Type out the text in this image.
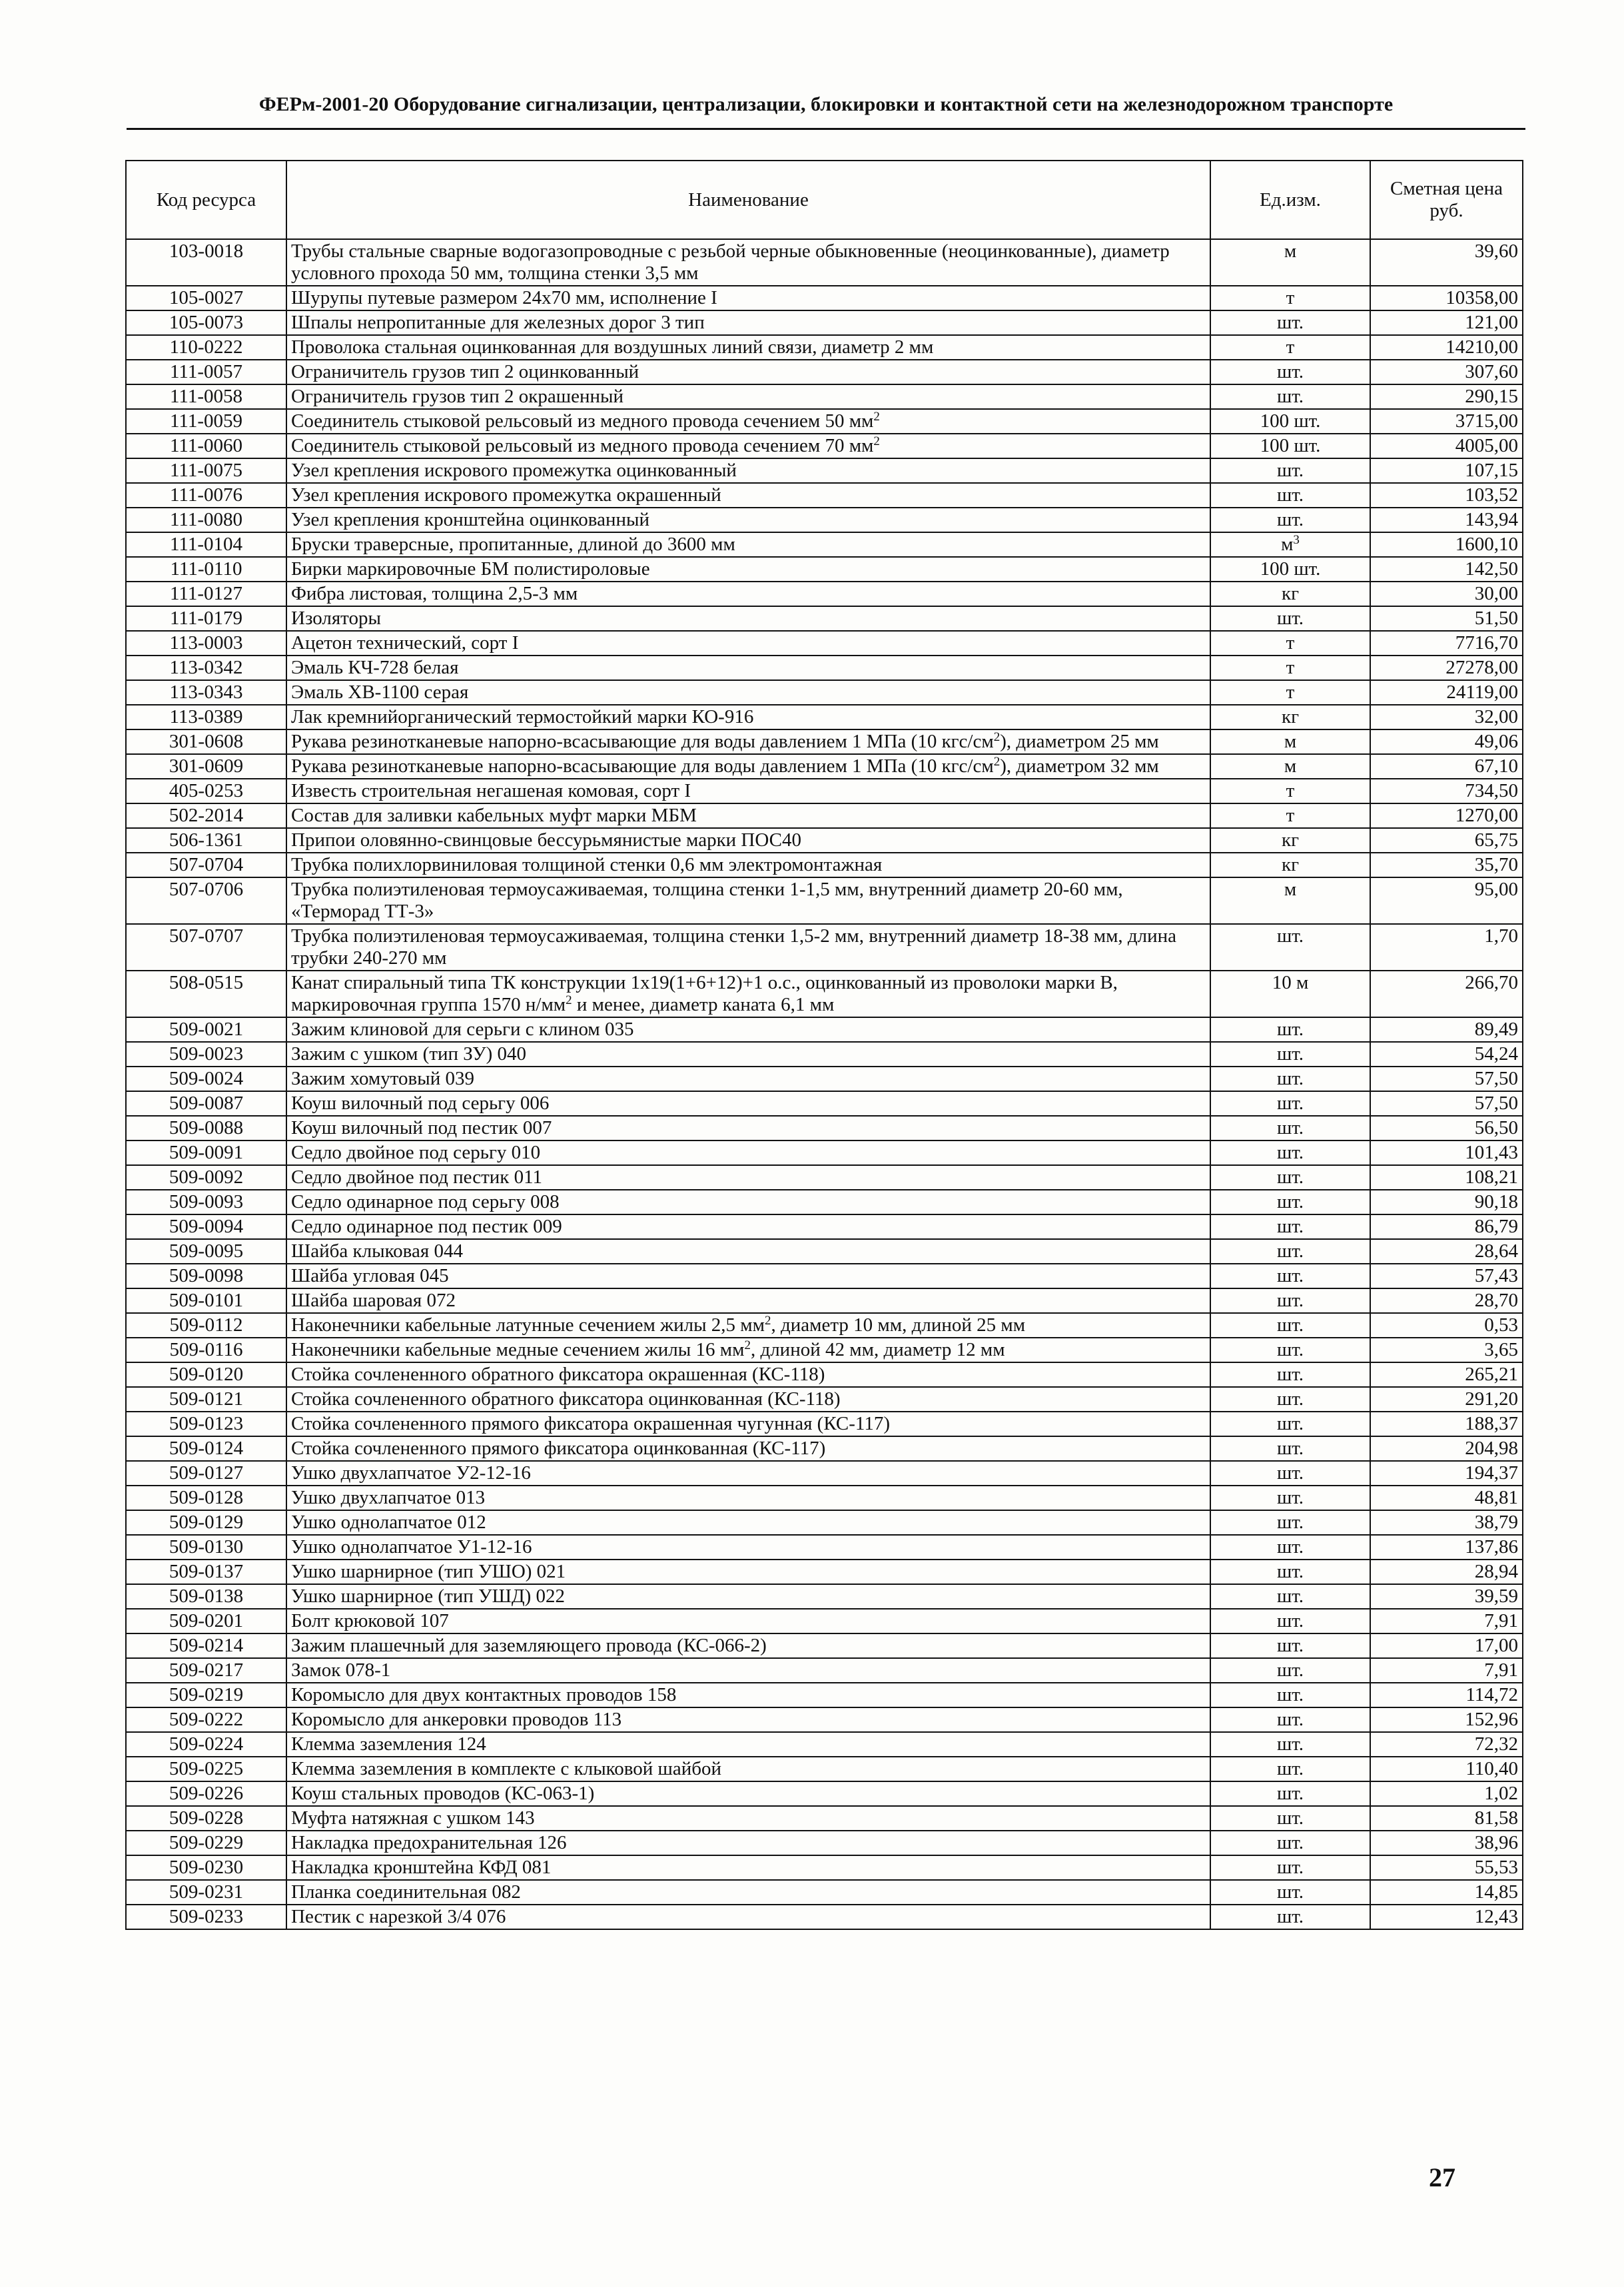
ФЕРм-2001-20 Оборудование сигнализации, централизации, блокировки и контактной сети на железнодорожном транспорте
Код ресурса	Наименование	Ед.изм.	Сметная цена руб.
103-0018	Трубы стальные сварные водогазопроводные с резьбой черные обыкновенные (неоцинкованные), диаметр условного прохода 50 мм, толщина стенки 3,5 мм	м	39,60
105-0027	Шурупы путевые размером 24х70 мм, исполнение I	т	10358,00
105-0073	Шпалы непропитанные для железных дорог 3 тип	шт.	121,00
110-0222	Проволока стальная оцинкованная для воздушных линий связи, диаметр 2 мм	т	14210,00
111-0057	Ограничитель грузов тип 2 оцинкованный	шт.	307,60
111-0058	Ограничитель грузов тип 2 окрашенный	шт.	290,15
111-0059	Соединитель стыковой рельсовый из медного провода сечением 50 $мм^2$	100 шт.	3715,00
111-0060	Соединитель стыковой рельсовый из медного провода сечением 70 $мм^2$	100 шт.	4005,00
111-0075	Узел крепления искрового промежутка оцинкованный	шт.	107,15
111-0076	Узел крепления искрового промежутка окрашенный	шт.	103,52
111-0080	Узел крепления кронштейна оцинкованный	шт.	143,94
111-0104	Бруски траверсные, пропитанные, длиной до 3600 мм	$м^3$	1600,10
111-0110	Бирки маркировочные БМ полистироловые	100 шт.	142,50
111-0127	Фибра листовая, толщина 2,5-3 мм	кг	30,00
111-0179	Изоляторы	шт.	51,50
113-0003	Ацетон технический, сорт I	т	7716,70
113-0342	Эмаль КЧ-728 белая	т	27278,00
113-0343	Эмаль ХВ-1100 серая	т	24119,00
113-0389	Лак кремнийорганический термостойкий марки КО-916	кг	32,00
301-0608	Рукава резинотканевые напорно-всасывающие для воды давлением 1 МПа (10 кгс/$см^2$), диаметром 25 мм	м	49,06
301-0609	Рукава резинотканевые напорно-всасывающие для воды давлением 1 МПа (10 кгс/$см^2$), диаметром 32 мм	м	67,10
405-0253	Известь строительная негашеная комовая, сорт I	т	734,50
502-2014	Состав для заливки кабельных муфт марки МБМ	т	1270,00
506-1361	Припои оловянно-свинцовые бессурьмянистые марки ПОС40	кг	65,75
507-0704	Трубка полихлорвиниловая толщиной стенки 0,6 мм электромонтажная	кг	35,70
507-0706	Трубка полиэтиленовая термоусаживаемая, толщина стенки 1-1,5 мм, внутренний диаметр 20-60 мм, «Терморад ТТ-3»	м	95,00
507-0707	Трубка полиэтиленовая термоусаживаемая, толщина стенки 1,5-2 мм, внутренний диаметр 18-38 мм, длина трубки 240-270 мм	шт.	1,70
508-0515	Канат спиральный типа ТК конструкции 1х19(1+6+12)+1 о.с., оцинкованный из проволоки марки В, маркировочная группа 1570 $н/мм^2$ и менее, диаметр каната 6,1 мм	10 м	266,70
509-0021	Зажим клиновой для серьги с клином 035	шт.	89,49
509-0023	Зажим с ушком (тип ЗУ) 040	шт.	54,24
509-0024	Зажим хомутовый 039	шт.	57,50
509-0087	Коуш вилочный под серьгу 006	шт.	57,50
509-0088	Коуш вилочный под пестик 007	шт.	56,50
509-0091	Седло двойное под серьгу 010	шт.	101,43
509-0092	Седло двойное под пестик 011	шт.	108,21
509-0093	Седло одинарное под серьгу 008	шт.	90,18
509-0094	Седло одинарное под пестик 009	шт.	86,79
509-0095	Шайба клыковая 044	шт.	28,64
509-0098	Шайба угловая 045	шт.	57,43
509-0101	Шайба шаровая 072	шт.	28,70
509-0112	Наконечники кабельные латунные сечением жилы 2,5 $мм^2$, диаметр 10 мм, длиной 25 мм	шт.	0,53
509-0116	Наконечники кабельные медные сечением жилы 16 $мм^2$, длиной 42 мм, диаметр 12 мм	шт.	3,65
509-0120	Стойка сочлененного обратного фиксатора окрашенная (КС-118)	шт.	265,21
509-0121	Стойка сочлененного обратного фиксатора оцинкованная (КС-118)	шт.	291,20
509-0123	Стойка сочлененного прямого фиксатора окрашенная чугунная (КС-117)	шт.	188,37
509-0124	Стойка сочлененного прямого фиксатора оцинкованная (КС-117)	шт.	204,98
509-0127	Ушко двухлапчатое У2-12-16	шт.	194,37
509-0128	Ушко двухлапчатое 013	шт.	48,81
509-0129	Ушко однолапчатое 012	шт.	38,79
509-0130	Ушко однолапчатое У1-12-16	шт.	137,86
509-0137	Ушко шарнирное (тип УШО) 021	шт.	28,94
509-0138	Ушко шарнирное (тип УШД) 022	шт.	39,59
509-0201	Болт крюковой 107	шт.	7,91
509-0214	Зажим плашечный для заземляющего провода (КС-066-2)	шт.	17,00
509-0217	Замок 078-1	шт.	7,91
509-0219	Коромысло для двух контактных проводов 158	шт.	114,72
509-0222	Коромысло для анкеровки проводов 113	шт.	152,96
509-0224	Клемма заземления 124	шт.	72,32
509-0225	Клемма заземления в комплекте с клыковой шайбой	шт.	110,40
509-0226	Коуш стальных проводов (КС-063-1)	шт.	1,02
509-0228	Муфта натяжная с ушком 143	шт.	81,58
509-0229	Накладка предохранительная 126	шт.	38,96
509-0230	Накладка кронштейна КФД 081	шт.	55,53
509-0231	Планка соединительная 082	шт.	14,85
509-0233	Пестик с нарезкой 3/4 076	шт.	12,43
27
